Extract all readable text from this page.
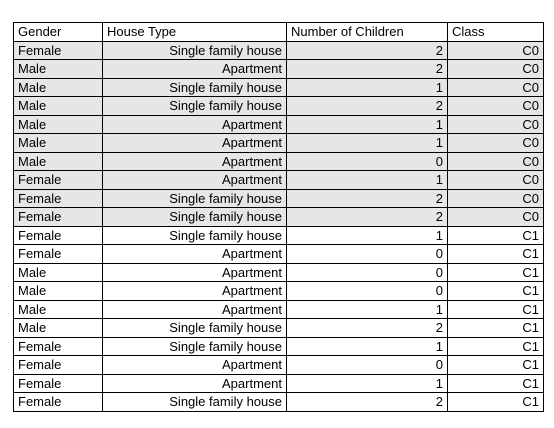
Gender	House Type	Number of Children	Class
Female	Single family house	2	C0
Male	Apartment	2	C0
Male	Single family house	1	C0
Male	Single family house	2	C0
Male	Apartment	1	C0
Male	Apartment	1	C0
Male	Apartment	0	C0
Female	Apartment	1	C0
Female	Single family house	2	C0
Female	Single family house	2	C0
Female	Single family house	1	C1
Female	Apartment	0	C1
Male	Apartment	0	C1
Male	Apartment	0	C1
Male	Apartment	1	C1
Male	Single family house	2	C1
Female	Single family house	1	C1
Female	Apartment	0	C1
Female	Apartment	1	C1
Female	Single family house	2	C1
